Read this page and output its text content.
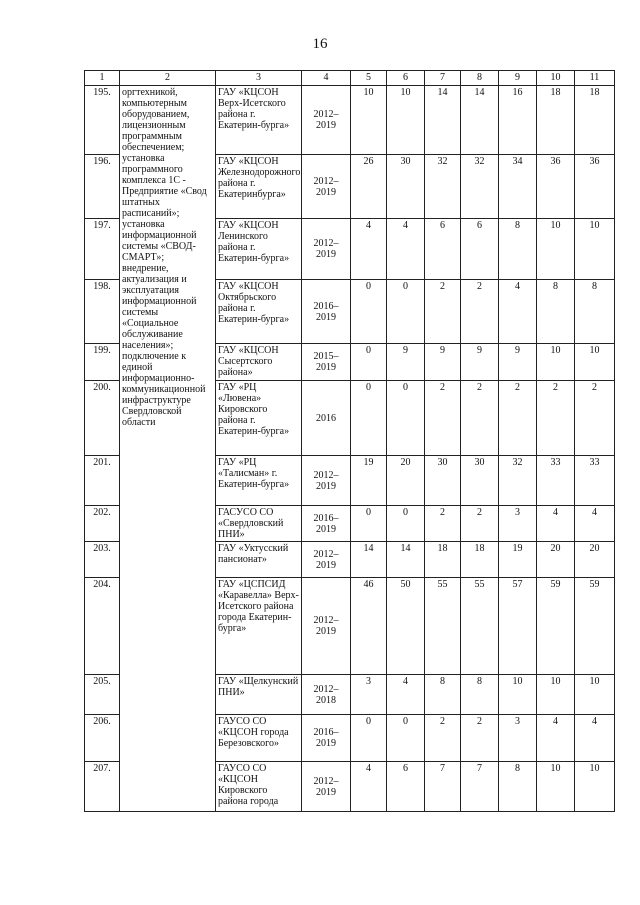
16
1	2	3	4	5	6	7	8	9	10	11
195.	оргтехникой, компьютерным оборудованием, лицензионным программным обеспечением; установка программного комплекса 1С - Предприятие «Свод штатных расписаний»; установка информационной системы «СВОД-СМАРТ»; внедрение, актуализация и эксплуатация информационной системы «Социальное обслуживание населения»; подключение к единой информационно-коммуникационной инфраструктуре Свердловской области	ГАУ «КЦСОН Верх-Исетского района г. Екатерин-бурга»	2012–2019	10	10	14	14	16	18	18
196.		ГАУ «КЦСОН Железнодорожного района г. Екатеринбурга»	2012–2019	26	30	32	32	34	36	36
197.		ГАУ «КЦСОН Ленинского района г. Екатерин-бурга»	2012–2019	4	4	6	6	8	10	10
198.		ГАУ «КЦСОН Октябрьского района г. Екатерин-бурга»	2016–2019	0	0	2	2	4	8	8
199.		ГАУ «КЦСОН Сысертского района»	2015–2019	0	9	9	9	9	10	10
200.		ГАУ «РЦ «Лювена» Кировского района г. Екатерин-бурга»	2016	0	0	2	2	2	2	2
201.		ГАУ «РЦ «Талисман» г. Екатерин-бурга»	2012–2019	19	20	30	30	32	33	33
202.		ГАСУСО СО «Свердловский ПНИ»	2016–2019	0	0	2	2	3	4	4
203.		ГАУ «Уктусский пансионат»	2012–2019	14	14	18	18	19	20	20
204.		ГАУ «ЦСПСИД «Каравелла» Верх-Исетского района города Екатерин-бурга»	2012–2019	46	50	55	55	57	59	59
205.		ГАУ «Щелкунский ПНИ»	2012–2018	3	4	8	8	10	10	10
206.		ГАУСО СО «КЦСОН города Березовского»	2016–2019	0	0	2	2	3	4	4
207.		ГАУСО СО «КЦСОН Кировского района города	2012–2019	4	6	7	7	8	10	10
